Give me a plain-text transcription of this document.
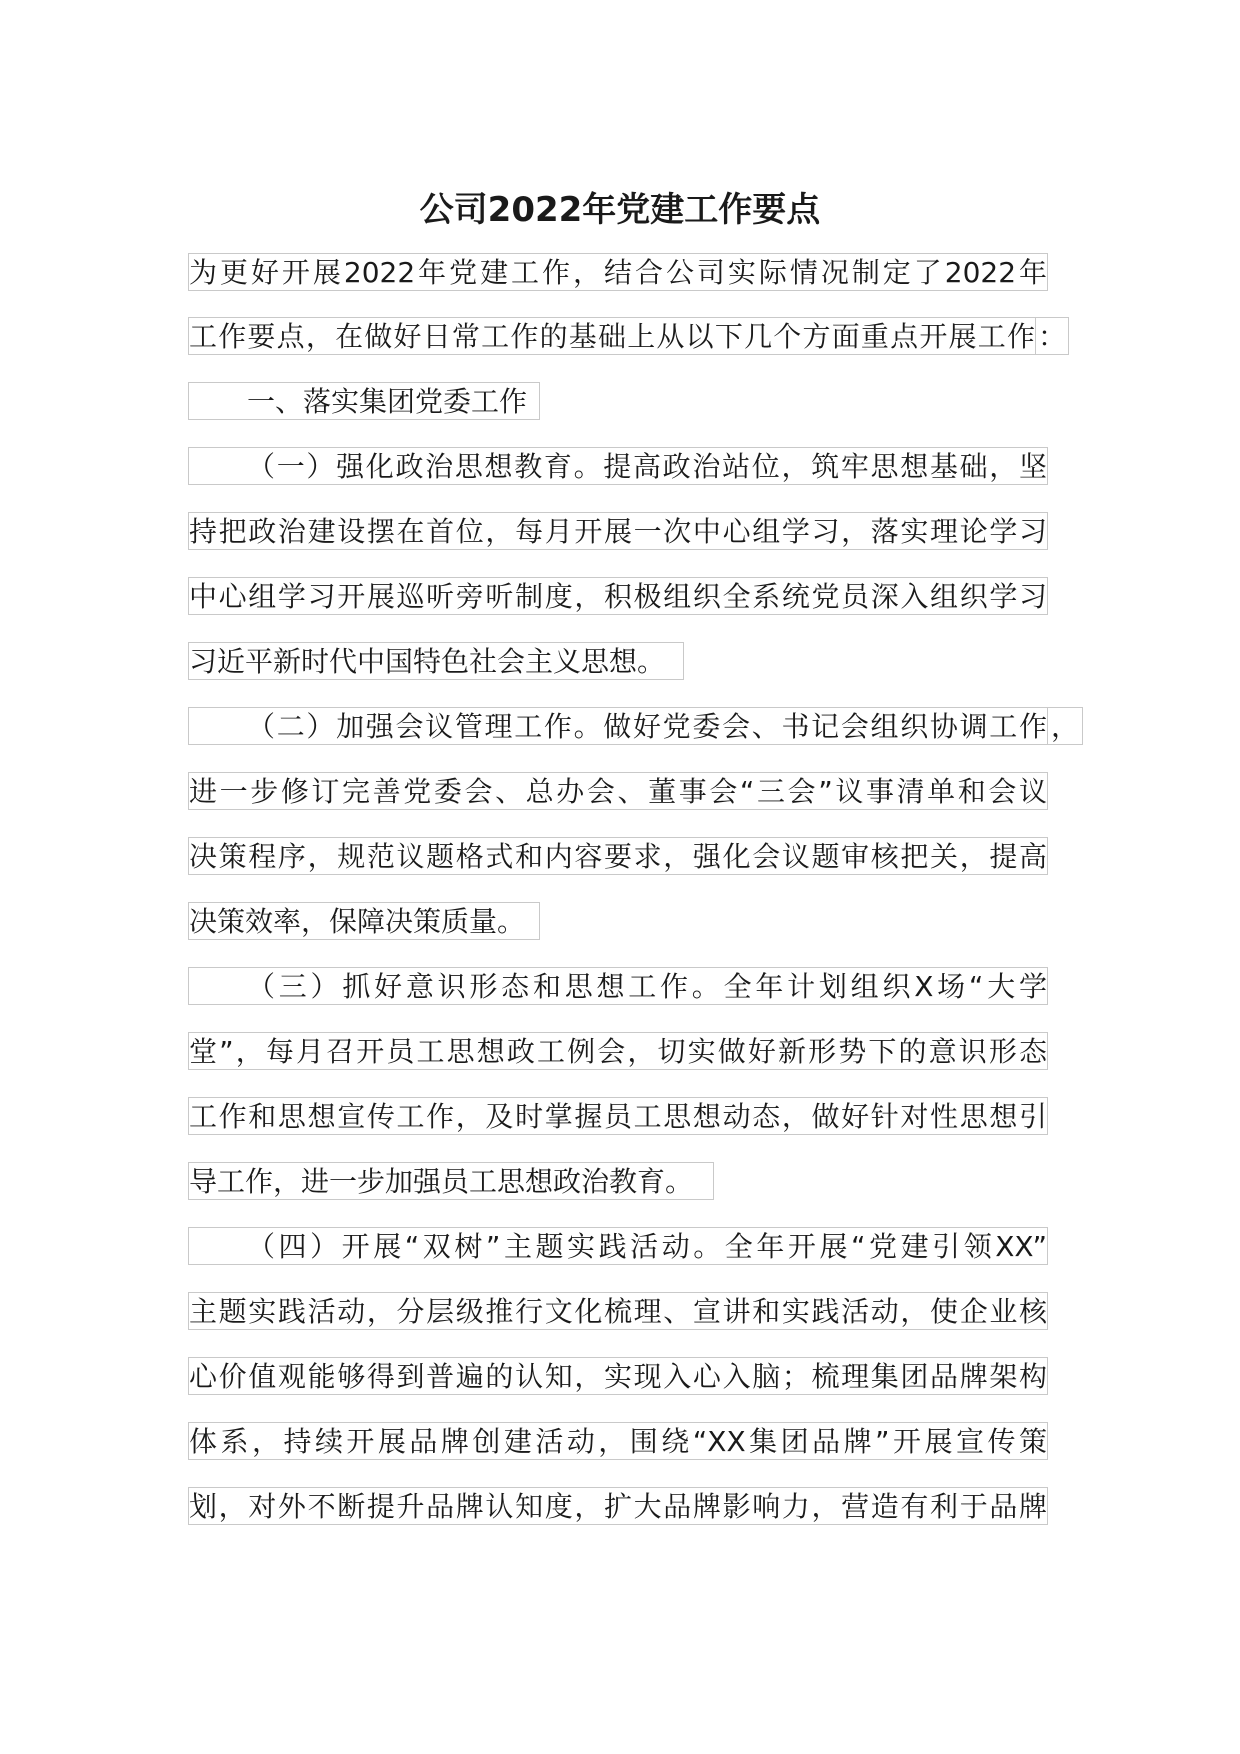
公司2022年党建工作要点
为更好开展2022年党建工作，结合公司实际情况制定了2022年
工作要点，在做好日常工作的基础上从以下几个方面重点开展工作 ：
一、落实集团党委工作
（一）强化政治思想教育。提高政治站位，筑牢思想基础，坚
持把政治建设摆在首位，每月开展一次中心组学习，落实理论学习
中心组学习开展巡听旁听制度，积极组织全系统党员深入组织学习
习近平新时代中国特色社会主义思想。
（二）加强会议管理工作。做好党委会、书记会组织协调工作 ，
进一步修订完善党委会、总办会、董事会“三会”议事清单和会议
决策程序，规范议题格式和内容要求，强化会议题审核把关，提高
决策效率，保障决策质量。
（三）抓好意识形态和思想工作。全年计划组织X场“大学
堂”，每月召开员工思想政工例会，切实做好新形势下的意识形态
工作和思想宣传工作，及时掌握员工思想动态，做好针对性思想引
导工作，进一步加强员工思想政治教育。
（四）开展“双树”主题实践活动。全年开展“党建引领XX”
主题实践活动，分层级推行文化梳理、宣讲和实践活动，使企业核
心价值观能够得到普遍的认知，实现入心入脑；梳理集团品牌架构
体系，持续开展品牌创建活动，围绕“XX集团品牌”开展宣传策
划，对外不断提升品牌认知度，扩大品牌影响力，营造有利于品牌
